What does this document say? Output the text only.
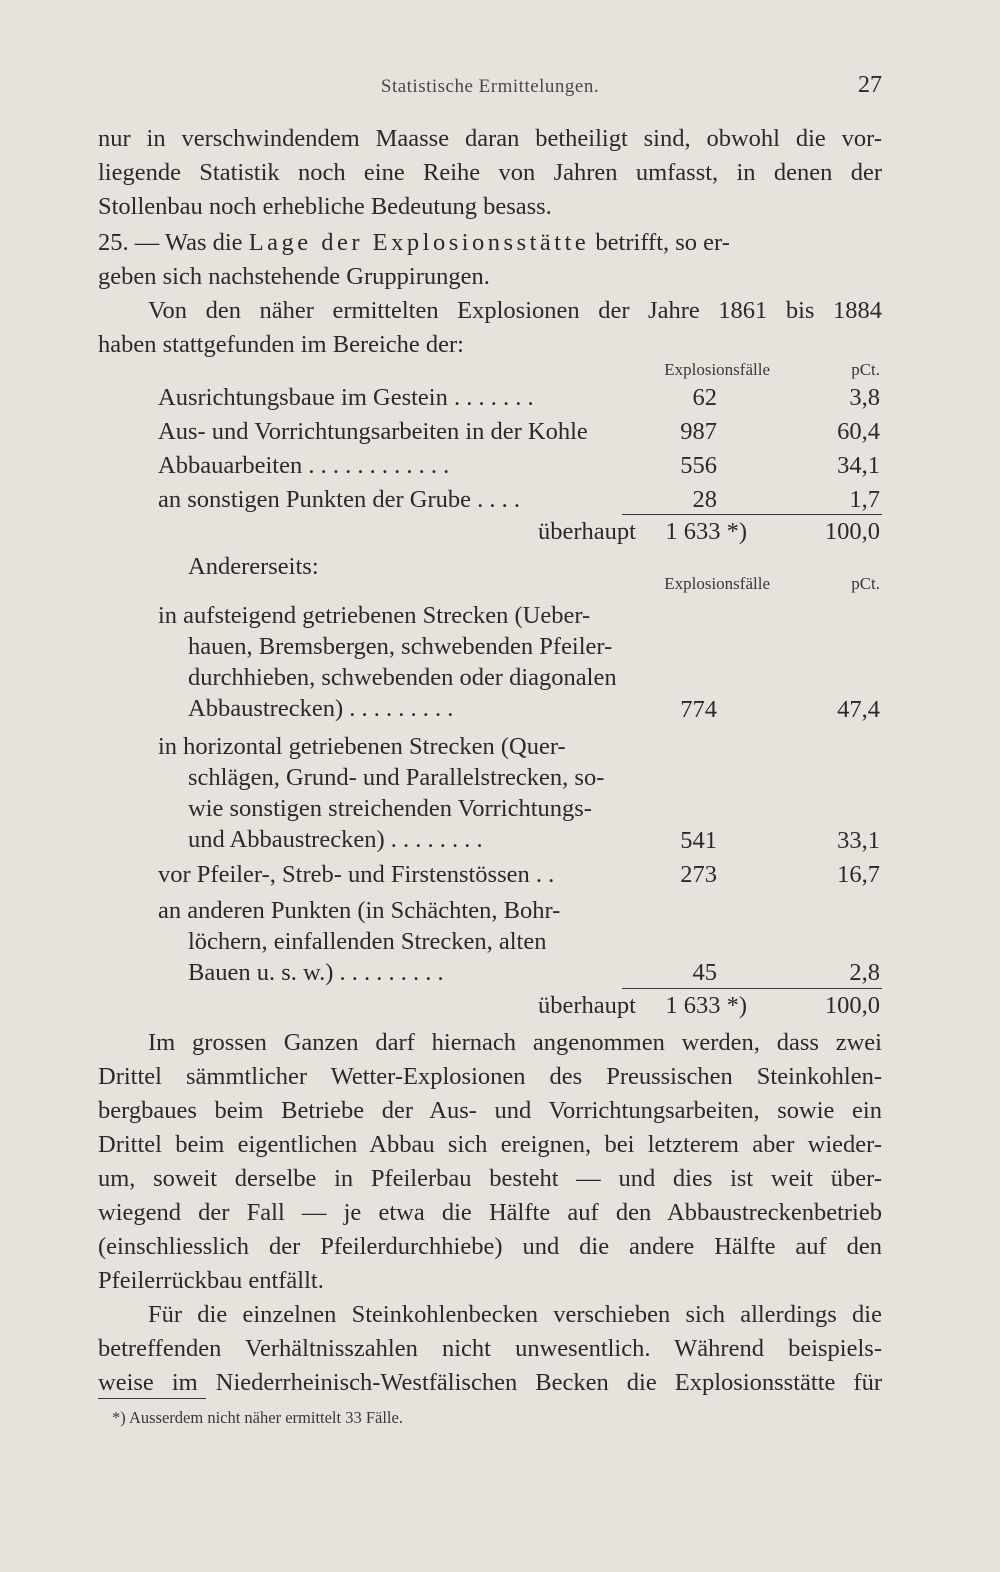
Statistische Ermittelungen.	27
nur in verschwindendem Maasse daran betheiligt sind, obwohl die vor-
liegende Statistik noch eine Reihe von Jahren umfasst, in denen der
Stollenbau noch erhebliche Bedeutung besass.
25. — Was die Lage der Explosionsstätte betrifft, so er-
geben sich nachstehende Gruppirungen.
Von den näher ermittelten Explosionen der Jahre 1861 bis 1884
haben stattgefunden im Bereiche der:
Explosionsfälle	pCt.
Ausrichtungsbaue im Gestein . . . . . . .	62	3,8
Aus- und Vorrichtungsarbeiten in der Kohle	987	60,4
Abbauarbeiten . . . . . . . . . . . .	556	34,1
an sonstigen Punkten der Grube . . . .	28	1,7
überhaupt 1 633 *)	100,0
Andererseits:
Explosionsfälle	pCt.
in aufsteigend getriebenen Strecken (Ueber-
hauen, Bremsbergen, schwebenden Pfeiler-
durchhieben, schwebenden oder diagonalen
Abbaustrecken) . . . . . . . . .	774	47,4
in horizontal getriebenen Strecken (Quer-
schlägen, Grund- und Parallelstrecken, so-
wie sonstigen streichenden Vorrichtungs-
und Abbaustrecken) . . . . . . . .	541	33,1
vor Pfeiler-, Streb- und Firstenstössen . .	273	16,7
an anderen Punkten (in Schächten, Bohr-
löchern, einfallenden Strecken, alten
Bauen u. s. w.) . . . . . . . . .	45	2,8
überhaupt 1 633 *)	100,0
Im grossen Ganzen darf hiernach angenommen werden, dass zwei
Drittel sämmtlicher Wetter-Explosionen des Preussischen Steinkohlen-
bergbaues beim Betriebe der Aus- und Vorrichtungsarbeiten, sowie ein
Drittel beim eigentlichen Abbau sich ereignen, bei letzterem aber wieder-
um, soweit derselbe in Pfeilerbau besteht — und dies ist weit über-
wiegend der Fall — je etwa die Hälfte auf den Abbaustreckenbetrieb
(einschliesslich der Pfeilerdurchhiebe) und die andere Hälfte auf den
Pfeilerrückbau entfällt.
Für die einzelnen Steinkohlenbecken verschieben sich allerdings die
betreffenden Verhältnisszahlen nicht unwesentlich. Während beispiels-
weise im Niederrheinisch-Westfälischen Becken die Explosionsstätte für
*) Ausserdem nicht näher ermittelt 33 Fälle.
